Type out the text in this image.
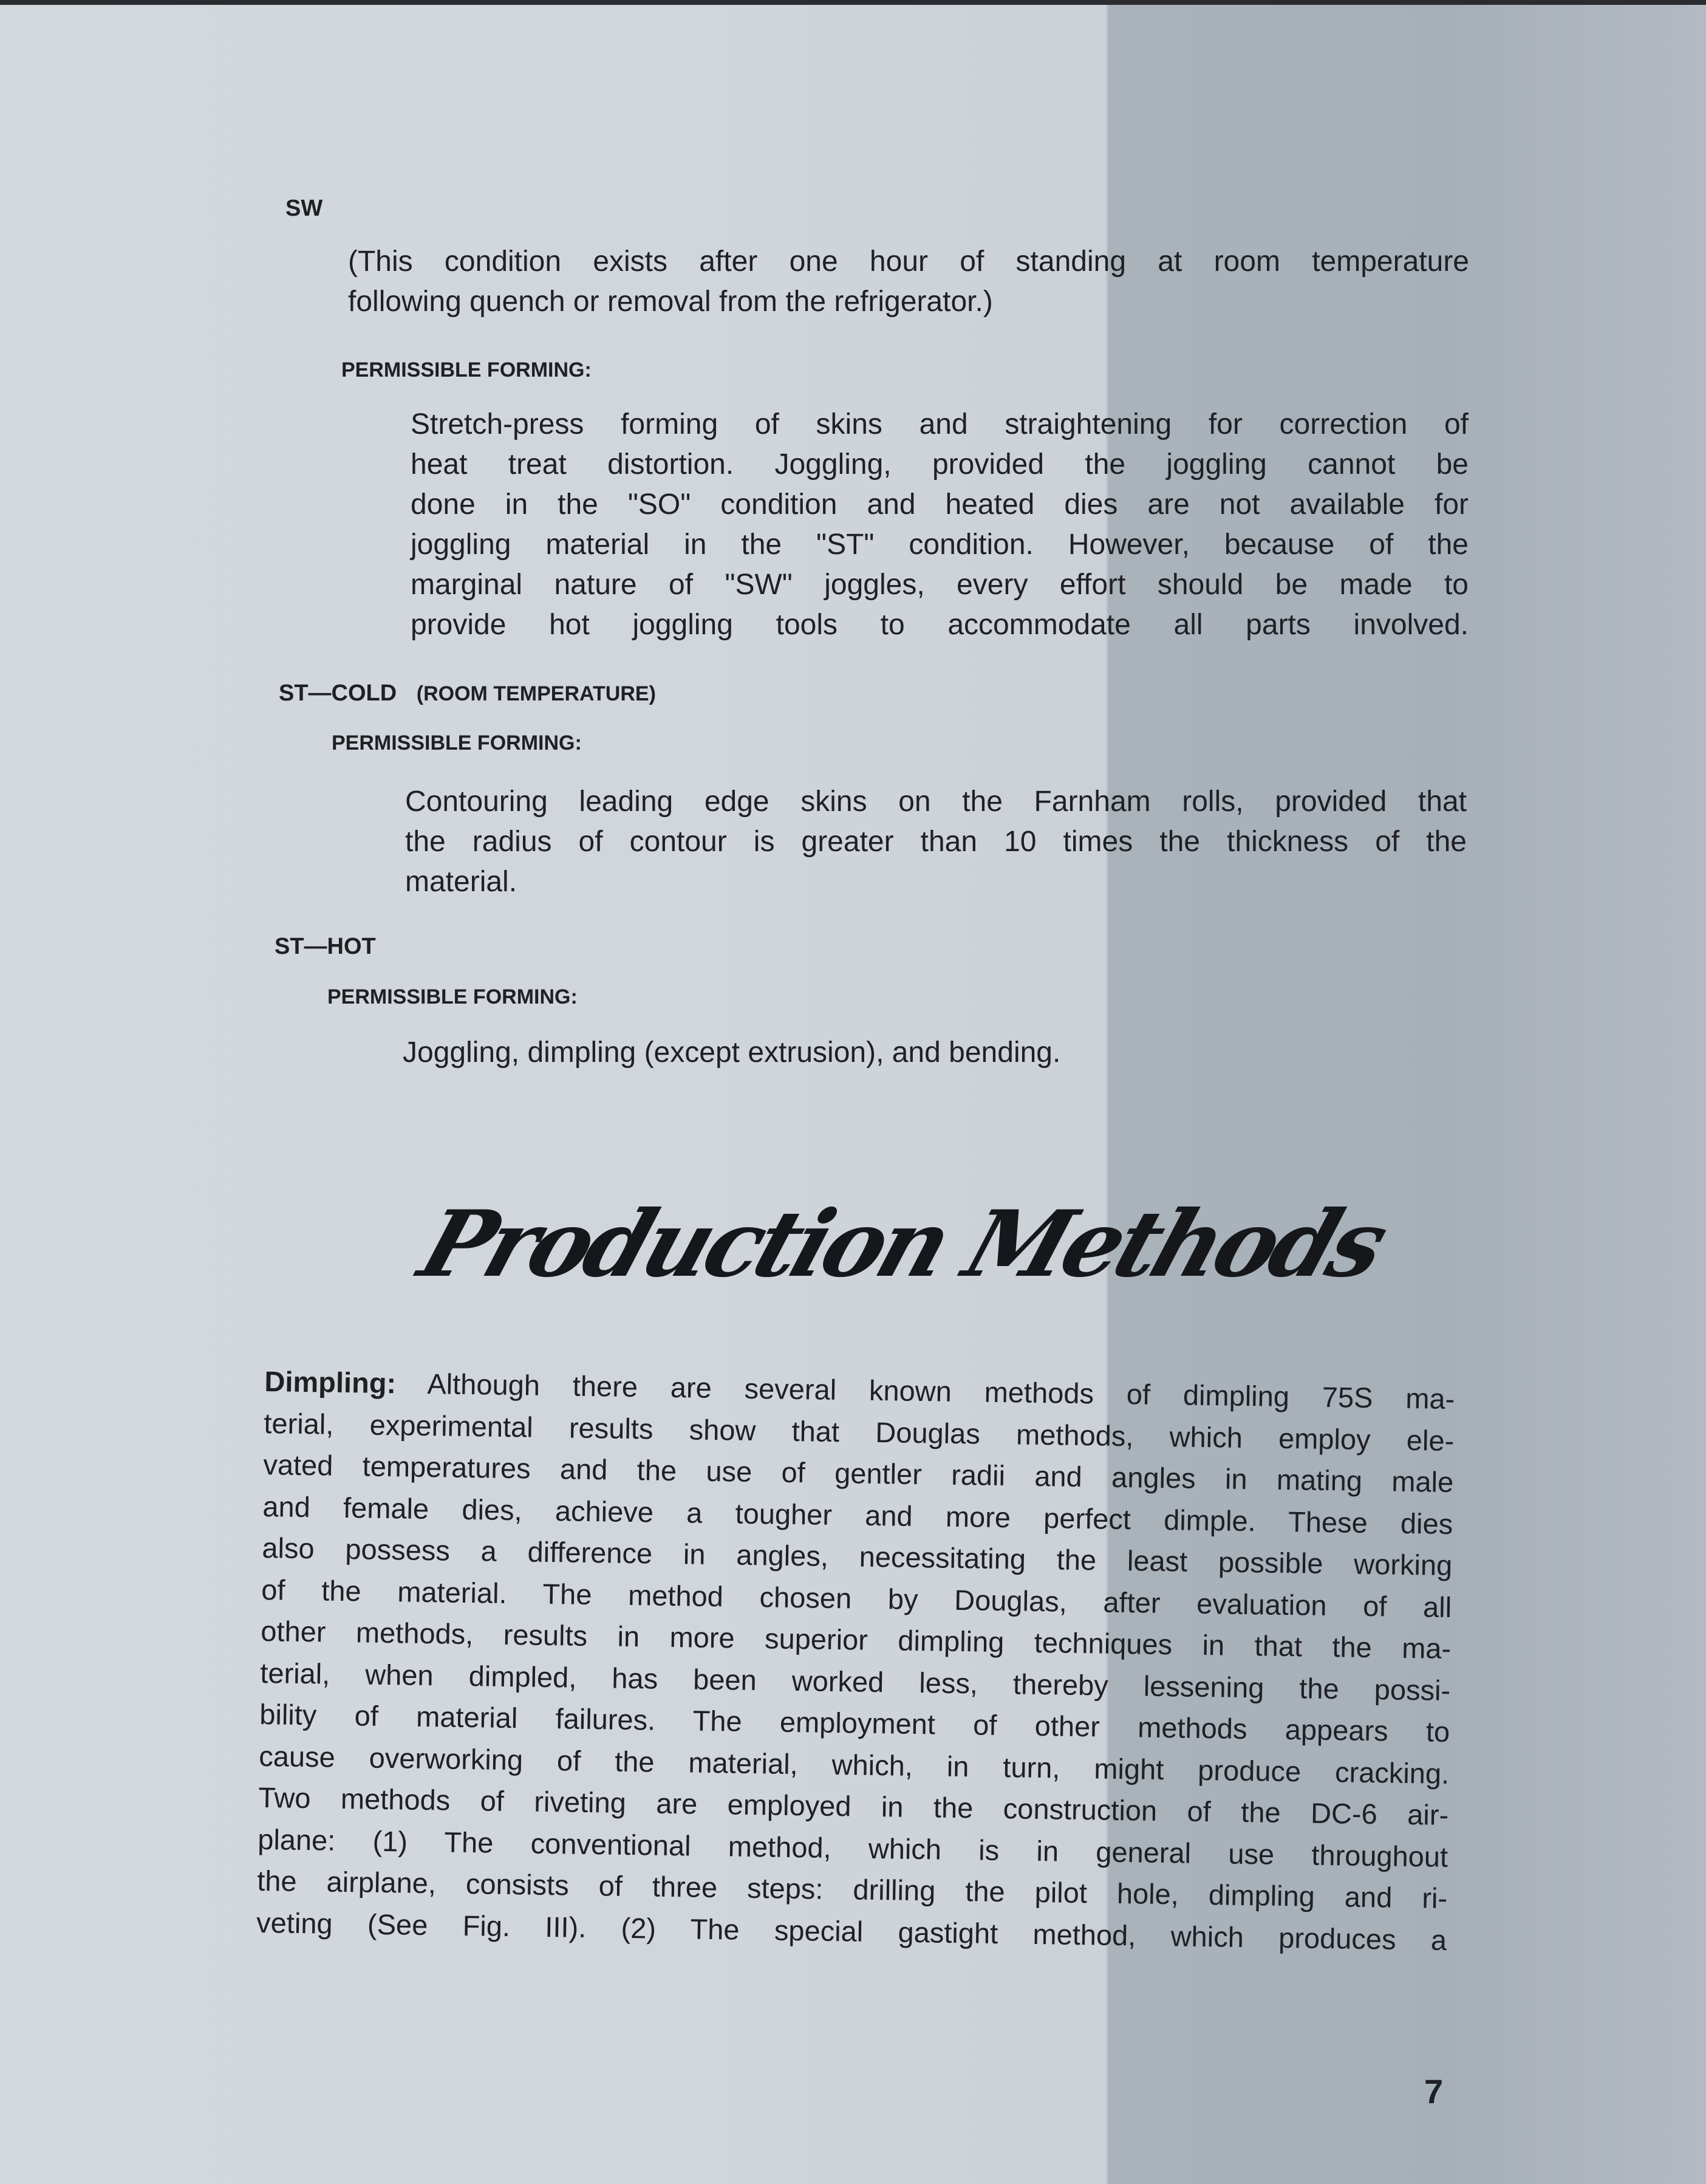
SW
(This condition exists after one hour of standing at room temperature
following quench or removal from the refrigerator.)
PERMISSIBLE FORMING:
Stretch-press forming of skins and straightening for correction of
heat treat distortion. Joggling, provided the joggling cannot be
done in the "SO" condition and heated dies are not available for
joggling material in the "ST" condition. However, because of the
marginal nature of "SW" joggles, every effort should be made to
provide hot joggling tools to accommodate all parts involved.
ST—COLD (ROOM TEMPERATURE)
PERMISSIBLE FORMING:
Contouring leading edge skins on the Farnham rolls, provided that
the radius of contour is greater than 10 times the thickness of the
material.
ST—HOT
PERMISSIBLE FORMING:
Joggling, dimpling (except extrusion), and bending.
Production Methods
Dimpling: Although there are several known methods of dimpling 75S ma-
terial, experimental results show that Douglas methods, which employ ele-
vated temperatures and the use of gentler radii and angles in mating male
and female dies, achieve a tougher and more perfect dimple. These dies
also possess a difference in angles, necessitating the least possible working
of the material. The method chosen by Douglas, after evaluation of all
other methods, results in more superior dimpling techniques in that the ma-
terial, when dimpled, has been worked less, thereby lessening the possi-
bility of material failures. The employment of other methods appears to
cause overworking of the material, which, in turn, might produce cracking.
Two methods of riveting are employed in the construction of the DC-6 air-
plane: (1) The conventional method, which is in general use throughout
the airplane, consists of three steps: drilling the pilot hole, dimpling and ri-
veting (See Fig. III). (2) The special gastight method, which produces a
7
